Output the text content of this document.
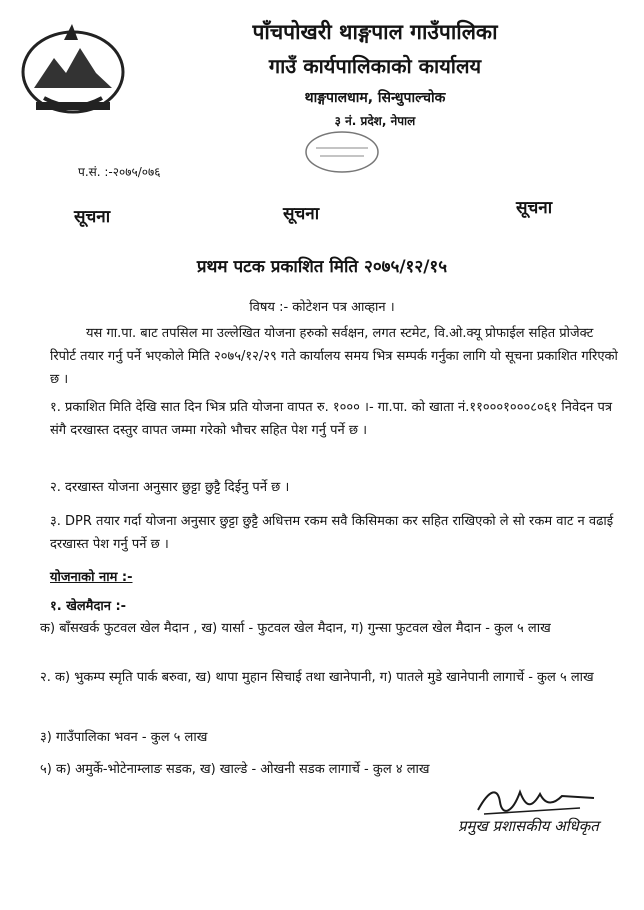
पाँचपोखरी थाङ्गपाल गाउँपालिका
गाउँ कार्यपालिकाको कार्यालय
थाङ्गपालधाम, सिन्धुपाल्चोक
३ नं. प्रदेश, नेपाल
प.सं. :-२०७५/०७६
सूचना	सूचना	सूचना
प्रथम पटक प्रकाशित मिति २०७५/१२/१५
विषय :- कोटेशन पत्र आव्हान ।
यस गा.पा. बाट तपसिल मा उल्लेखित योजना हरुको सर्वक्षन, लगत स्टमेट, वि.ओ.क्यू प्रोफाईल सहित प्रोजेक्ट रिपोर्ट तयार गर्नु पर्ने भएकोले मिति २०७५/१२/२९ गते कार्यालय समय भित्र सम्पर्क गर्नुका लागि यो सूचना प्रकाशित गरिएको छ ।
१. प्रकाशित मिति देखि सात दिन भित्र प्रति योजना वापत रु. १००० ।- गा.पा. को खाता नं.११०००१०००८०६१ निवेदन पत्र संगै दरखास्त दस्तुर वापत जम्मा गरेको भौचर सहित पेश गर्नु पर्ने छ ।
२. दरखास्त योजना अनुसार छुट्टा छुट्टै दिईनु पर्ने छ ।
३. DPR तयार गर्दा योजना अनुसार छुट्टा छुट्टै अधित्तम रकम सवै किसिमका कर सहित राखिएको ले सो रकम वाट न वढाई दरखास्त पेश गर्नु पर्ने छ ।
योजनाको नाम :-
१. खेलमैदान :-
क) बाँसखर्क फुटवल खेल मैदान , ख) यार्सा - फुटवल खेल मैदान, ग) गुन्सा फुटवल खेल मैदान - कुल ५ लाख
२. क) भुकम्प स्मृति पार्क बरुवा, ख) थापा मुहान सिचाई तथा खानेपानी, ग) पातले मुडे खानेपानी लागार्चे - कुल ५ लाख
३) गाउँपालिका भवन - कुल ५ लाख
५) क) अमुर्के-भोटेनाम्लाङ सडक, ख) खाल्डे - ओखनी सडक लागार्चे - कुल ४ लाख
प्रमुख प्रशासकीय अधिकृत
